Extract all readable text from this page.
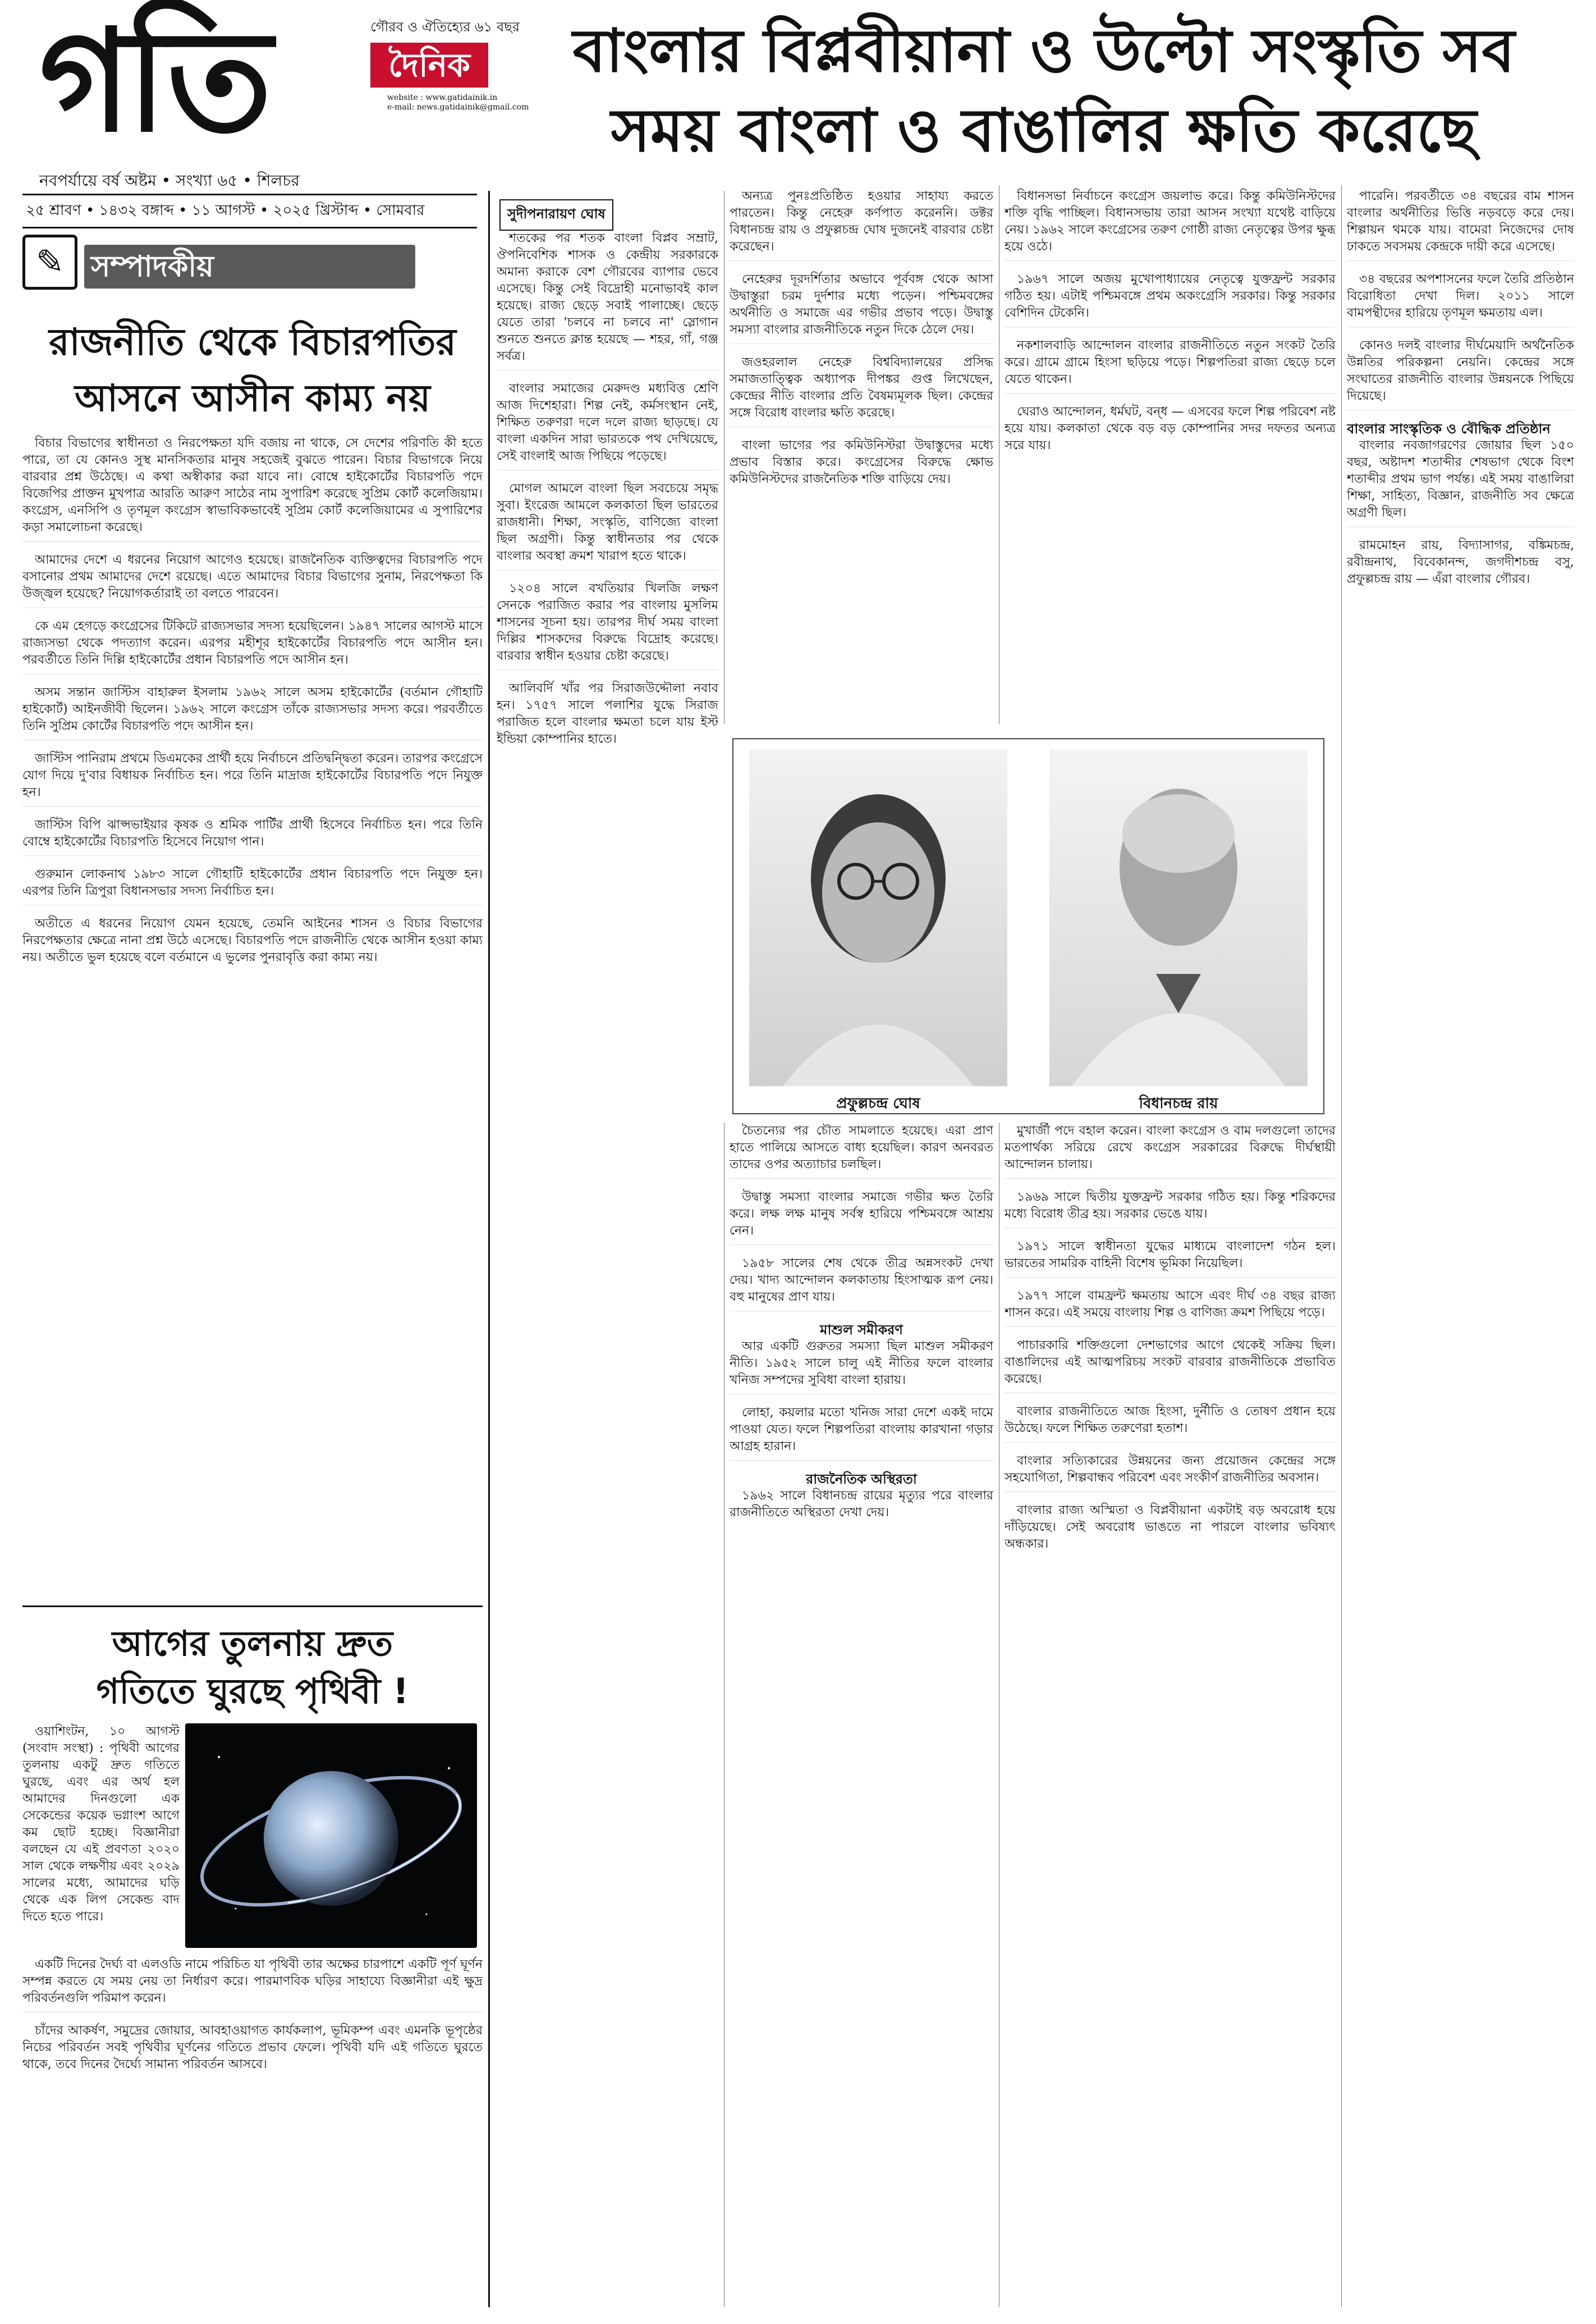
গতি	গৌরব ও ঐতিহ্যের ৬১ বছর
দৈনিক
website : www.gatidainik.in
e-mail: news.gatidainik@gmail.com
বাংলার বিপ্লবীয়ানা ও উল্টো সংস্কৃতি সব
সময় বাংলা ও বাঙালির ক্ষতি করেছে
নবপর্যায়ে বর্ষ অষ্টম • সংখ্যা ৬৫ • শিলচর
২৫ শ্রাবণ • ১৪৩২ বঙ্গাব্দ • ১১ আগস্ট • ২০২৫ খ্রিস্টাব্দ • সোমবার
✎ সম্পাদকীয়
রাজনীতি থেকে বিচারপতির
আসনে আসীন কাম্য নয়

বিচার বিভাগের স্বাধীনতা ও নিরপেক্ষতা যদি বজায় না থাকে, সে দেশের পরিণতি কী হতে পারে, তা যে কোনও সুস্থ মানসিকতার মানুষ সহজেই বুঝতে পারেন। বিচার বিভাগকে নিয়ে বারবার প্রশ্ন উঠেছে। এ কথা অস্বীকার করা যাবে না। বোম্বে হাইকোর্টের বিচারপতি পদে বিজেপির প্রাক্তন মুখপাত্র আরতি আরুণ সাঠের নাম সুপারিশ করেছে সুপ্রিম কোর্ট কলেজিয়াম। কংগ্রেস, এনসিপি ও তৃণমূল কংগ্রেস স্বাভাবিকভাবেই সুপ্রিম কোর্ট কলেজিয়ামের এ সুপারিশের কড়া সমালোচনা করেছে।

আমাদের দেশে এ ধরনের নিয়োগ আগেও হয়েছে। রাজনৈতিক ব্যক্তিত্বদের বিচারপতি পদে বসানোর প্রথম আমাদের দেশে রয়েছে। এতে আমাদের বিচার বিভাগের সুনাম, নিরপেক্ষতা কি উজ্জ্বল হয়েছে? নিয়োগকর্তারাই তা বলতে পারবেন।

কে এম হেগড়ে কংগ্রেসের টিকিটে রাজ্যসভার সদস্য হয়েছিলেন। ১৯৪৭ সালের আগস্ট মাসে রাজ্যসভা থেকে পদত্যাগ করেন। এরপর মহীশূর হাইকোর্টের বিচারপতি পদে আসীন হন। পরবর্তীতে তিনি দিল্লি হাইকোর্টের প্রধান বিচারপতি পদে আসীন হন।

অসম সন্তান জাস্টিস বাহারুল ইসলাম ১৯৬২ সালে অসম হাইকোর্টের (বর্তমান গৌহাটি হাইকোর্ট) আইনজীবী ছিলেন। ১৯৬২ সালে কংগ্রেস তাঁকে রাজ্যসভার সদস্য করে। পরবর্তীতে তিনি সুপ্রিম কোর্টের বিচারপতি পদে আসীন হন।

জাস্টিস পানিরাম প্রথমে ডিএমকের প্রার্থী হয়ে নির্বাচনে প্রতিদ্বন্দ্বিতা করেন। তারপর কংগ্রেসে যোগ দিয়ে দু'বার বিধায়ক নির্বাচিত হন। পরে তিনি মাদ্রাজ হাইকোর্টের বিচারপতি পদে নিযুক্ত হন।

জাস্টিস বিপি ঝাপ্সভাইয়ার কৃষক ও শ্রমিক পার্টির প্রার্থী হিসেবে নির্বাচিত হন। পরে তিনি বোম্বে হাইকোর্টের বিচারপতি হিসেবে নিয়োগ পান।

গুরুমান লোকনাথ ১৯৮৩ সালে গৌহাটি হাইকোর্টের প্রধান বিচারপতি পদে নিযুক্ত হন। এরপর তিনি ত্রিপুরা বিধানসভার সদস্য নির্বাচিত হন।

অতীতে এ ধরনের নিয়োগ যেমন হয়েছে, তেমনি আইনের শাসন ও বিচার বিভাগের নিরপেক্ষতার ক্ষেত্রে নানা প্রশ্ন উঠে এসেছে। বিচারপতি পদে রাজনীতি থেকে আসীন হওয়া কাম্য নয়। অতীতে ভুল হয়েছে বলে বর্তমানে এ ভুলের পুনরাবৃত্তি করা কাম্য নয়।

আগের তুলনায় দ্রুত
গতিতে ঘুরছে পৃথিবী !

ওয়াশিংটন, ১০ আগস্ট (সংবাদ সংস্থা) : পৃথিবী আগের তুলনায় একটু দ্রুত গতিতে ঘুরছে, এবং এর অর্থ হল আমাদের দিনগুলো এক সেকেন্ডের কয়েক ভগ্নাংশ আগে কম ছোট হচ্ছে। বিজ্ঞানীরা বলছেন যে এই প্রবণতা ২০২০ সাল থেকে লক্ষণীয় এবং ২০২৯ সালের মধ্যে, আমাদের ঘড়ি থেকে এক লিপ সেকেন্ড বাদ দিতে হতে পারে।

একটি দিনের দৈর্ঘ্য বা এলওডি নামে পরিচিত যা পৃথিবী তার অক্ষের চারপাশে একটি পূর্ণ ঘূর্ণন সম্পন্ন করতে যে সময় নেয় তা নির্ধারণ করে। পারমাণবিক ঘড়ির সাহায্যে বিজ্ঞানীরা এই ক্ষুদ্র পরিবর্তনগুলি পরিমাপ করেন।

চাঁদের আকর্ষণ, সমুদ্রের জোয়ার, আবহাওয়াগত কার্যকলাপ, ভূমিকম্প এবং এমনকি ভূপৃষ্ঠের নিচের পরিবর্তন সবই পৃথিবীর ঘূর্ণনের গতিতে প্রভাব ফেলে। পৃথিবী যদি এই গতিতে ঘুরতে থাকে, তবে দিনের দৈর্ঘ্যে সামান্য পরিবর্তন আসবে।

সুদীপনারায়ণ ঘোষ

শতকের পর শতক বাংলা বিপ্লব সম্রাট, ঔপনিবেশিক শাসক ও কেন্দ্রীয় সরকারকে অমান্য করাকে বেশ গৌরবের ব্যাপার ভেবে এসেছে। কিন্তু সেই বিদ্রোহী মনোভাবই কাল হয়েছে। রাজ্য ছেড়ে সবাই পালাচ্ছে। ছেড়ে যেতে তারা 'চলবে না চলবে না' স্লোগান শুনতে শুনতে ক্লান্ত হয়েছে — শহর, গাঁ, গঞ্জ সর্বত্র।

বাংলার সমাজের মেরুদণ্ড মধ্যবিত্ত শ্রেণি আজ দিশেহারা। শিল্প নেই, কর্মসংস্থান নেই, শিক্ষিত তরুণরা দলে দলে রাজ্য ছাড়ছে। যে বাংলা একদিন সারা ভারতকে পথ দেখিয়েছে, সেই বাংলাই আজ পিছিয়ে পড়েছে।

মোগল আমলে বাংলা ছিল সবচেয়ে সমৃদ্ধ সুবা। ইংরেজ আমলে কলকাতা ছিল ভারতের রাজধানী। শিক্ষা, সংস্কৃতি, বাণিজ্যে বাংলা ছিল অগ্রণী। কিন্তু স্বাধীনতার পর থেকে বাংলার অবস্থা ক্রমশ খারাপ হতে থাকে।

১২০৪ সালে বখতিয়ার খিলজি লক্ষণ সেনকে পরাজিত করার পর বাংলায় মুসলিম শাসনের সূচনা হয়। তারপর দীর্ঘ সময় বাংলা দিল্লির শাসকদের বিরুদ্ধে বিদ্রোহ করেছে। বারবার স্বাধীন হওয়ার চেষ্টা করেছে।

আলিবর্দি খাঁর পর সিরাজউদ্দৌলা নবাব হন। ১৭৫৭ সালে পলাশির যুদ্ধে সিরাজ পরাজিত হলে বাংলার ক্ষমতা চলে যায় ইস্ট ইন্ডিয়া কোম্পানির হাতে।

অন্যত্র পুনঃপ্রতিষ্ঠিত হওয়ার সাহায্য করতে পারতেন। কিন্তু নেহেরু কর্ণপাত করেননি। ডক্টর বিধানচন্দ্র রায় ও প্রফুল্লচন্দ্র ঘোষ দুজনেই বারবার চেষ্টা করেছেন।

নেহেরুর দূরদর্শিতার অভাবে পূর্ববঙ্গ থেকে আসা উদ্বাস্তুরা চরম দুর্দশার মধ্যে পড়েন। পশ্চিমবঙ্গের অর্থনীতি ও সমাজে এর গভীর প্রভাব পড়ে। উদ্বাস্তু সমস্যা বাংলার রাজনীতিকে নতুন দিকে ঠেলে দেয়।

জওহরলাল নেহেরু বিশ্ববিদ্যালয়ের প্রসিদ্ধ সমাজতাত্ত্বিক অধ্যাপক দীপঙ্কর গুপ্ত লিখেছেন, কেন্দ্রের নীতি বাংলার প্রতি বৈষম্যমূলক ছিল। কেন্দ্রের সঙ্গে বিরোধ বাংলার ক্ষতি করেছে।

বাংলা ভাগের পর কমিউনিস্টরা উদ্বাস্তুদের মধ্যে প্রভাব বিস্তার করে। কংগ্রেসের বিরুদ্ধে ক্ষোভ কমিউনিস্টদের রাজনৈতিক শক্তি বাড়িয়ে দেয়।

বিধানসভা নির্বাচনে কংগ্রেস জয়লাভ করে। কিন্তু কমিউনিস্টদের শক্তি বৃদ্ধি পাচ্ছিল। বিধানসভায় তারা আসন সংখ্যা যথেষ্ট বাড়িয়ে নেয়। ১৯৬২ সালে কংগ্রেসের তরুণ গোষ্ঠী রাজ্য নেতৃত্বের উপর ক্ষুব্ধ হয়ে ওঠে।

১৯৬৭ সালে অজয় মুখোপাধ্যায়ের নেতৃত্বে যুক্তফ্রন্ট সরকার গঠিত হয়। এটাই পশ্চিমবঙ্গে প্রথম অকংগ্রেসি সরকার। কিন্তু সরকার বেশিদিন টেকেনি।

নকশালবাড়ি আন্দোলন বাংলার রাজনীতিতে নতুন সংকট তৈরি করে। গ্রামে গ্রামে হিংসা ছড়িয়ে পড়ে। শিল্পপতিরা রাজ্য ছেড়ে চলে যেতে থাকেন।

ঘেরাও আন্দোলন, ধর্মঘট, বন্‌ধ — এসবের ফলে শিল্প পরিবেশ নষ্ট হয়ে যায়। কলকাতা থেকে বড় বড় কোম্পানির সদর দফতর অন্যত্র সরে যায়।

প্রফুল্লচন্দ্র ঘোষ	বিধানচন্দ্র রায়

পারেনি। পরবর্তীতে ৩৪ বছরের বাম শাসন বাংলার অর্থনীতির ভিত্তি নড়বড়ে করে দেয়। শিল্পায়ন থমকে যায়। বামেরা নিজেদের দোষ ঢাকতে সবসময় কেন্দ্রকে দায়ী করে এসেছে।

৩৪ বছরের অপশাসনের ফলে তৈরি প্রতিষ্ঠান বিরোধিতা দেখা দিল। ২০১১ সালে বামপন্থীদের হারিয়ে তৃণমূল ক্ষমতায় এল।

কোনও দলই বাংলার দীর্ঘমেয়াদি অর্থনৈতিক উন্নতির পরিকল্পনা নেয়নি। কেন্দ্রের সঙ্গে সংঘাতের রাজনীতি বাংলার উন্নয়নকে পিছিয়ে দিয়েছে।

বাংলার সাংস্কৃতিক ও বৌদ্ধিক প্রতিষ্ঠান

বাংলার নবজাগরণের জোয়ার ছিল ১৫০ বছর, অষ্টাদশ শতাব্দীর শেষভাগ থেকে বিংশ শতাব্দীর প্রথম ভাগ পর্যন্ত। এই সময় বাঙালিরা শিক্ষা, সাহিত্য, বিজ্ঞান, রাজনীতি সব ক্ষেত্রে অগ্রণী ছিল।

রামমোহন রায়, বিদ্যাসাগর, বঙ্কিমচন্দ্র, রবীন্দ্রনাথ, বিবেকানন্দ, জগদীশচন্দ্র বসু, প্রফুল্লচন্দ্র রায় — এঁরা বাংলার গৌরব।

চৈতন্যের পর চৌত সামলাতে হয়েছে। এরা প্রাণ হাতে পালিয়ে আসতে বাধ্য হয়েছিল। কারণ অনবরত তাদের ওপর অত্যাচার চলছিল।

উদ্বাস্তু সমস্যা বাংলার সমাজে গভীর ক্ষত তৈরি করে। লক্ষ লক্ষ মানুষ সর্বস্ব হারিয়ে পশ্চিমবঙ্গে আশ্রয় নেন।

১৯৫৮ সালের শেষ থেকে তীব্র অন্নসংকট দেখা দেয়। খাদ্য আন্দোলন কলকাতায় হিংসাত্মক রূপ নেয়। বহু মানুষের প্রাণ যায়।

মাশুল সমীকরণ

আর একটি গুরুতর সমস্যা ছিল মাশুল সমীকরণ নীতি। ১৯৫২ সালে চালু এই নীতির ফলে বাংলার খনিজ সম্পদের সুবিধা বাংলা হারায়।

লোহা, কয়লার মতো খনিজ সারা দেশে একই দামে পাওয়া যেত। ফলে শিল্পপতিরা বাংলায় কারখানা গড়ার আগ্রহ হারান।

রাজনৈতিক অস্থিরতা

১৯৬২ সালে বিধানচন্দ্র রায়ের মৃত্যুর পরে বাংলার রাজনীতিতে অস্থিরতা দেখা দেয়।

মুখার্জী পদে বহাল করেন। বাংলা কংগ্রেস ও বাম দলগুলো তাদের মতপার্থক্য সরিয়ে রেখে কংগ্রেস সরকারের বিরুদ্ধে দীর্ঘস্থায়ী আন্দোলন চালায়।

১৯৬৯ সালে দ্বিতীয় যুক্তফ্রন্ট সরকার গঠিত হয়। কিন্তু শরিকদের মধ্যে বিরোধ তীব্র হয়। সরকার ভেঙে যায়।

১৯৭১ সালে স্বাধীনতা যুদ্ধের মাধ্যমে বাংলাদেশ গঠন হল। ভারতের সামরিক বাহিনী বিশেষ ভূমিকা নিয়েছিল।

১৯৭৭ সালে বামফ্রন্ট ক্ষমতায় আসে এবং দীর্ঘ ৩৪ বছর রাজ্য শাসন করে। এই সময়ে বাংলায় শিল্প ও বাণিজ্য ক্রমশ পিছিয়ে পড়ে।

পাচারকারি শক্তিগুলো দেশভাগের আগে থেকেই সক্রিয় ছিল। বাঙালিদের এই আত্মপরিচয় সংকট বারবার রাজনীতিকে প্রভাবিত করেছে।

বাংলার রাজনীতিতে আজ হিংসা, দুর্নীতি ও তোষণ প্রধান হয়ে উঠেছে। ফলে শিক্ষিত তরুণেরা হতাশ।

বাংলার সত্যিকারের উন্নয়নের জন্য প্রয়োজন কেন্দ্রের সঙ্গে সহযোগিতা, শিল্পবান্ধব পরিবেশ এবং সংকীর্ণ রাজনীতির অবসান।

বাংলার রাজ্য অস্মিতা ও বিপ্লবীয়ানা একটাই বড় অবরোধ হয়ে দাঁড়িয়েছে। সেই অবরোধ ভাঙতে না পারলে বাংলার ভবিষ্যৎ অন্ধকার।
